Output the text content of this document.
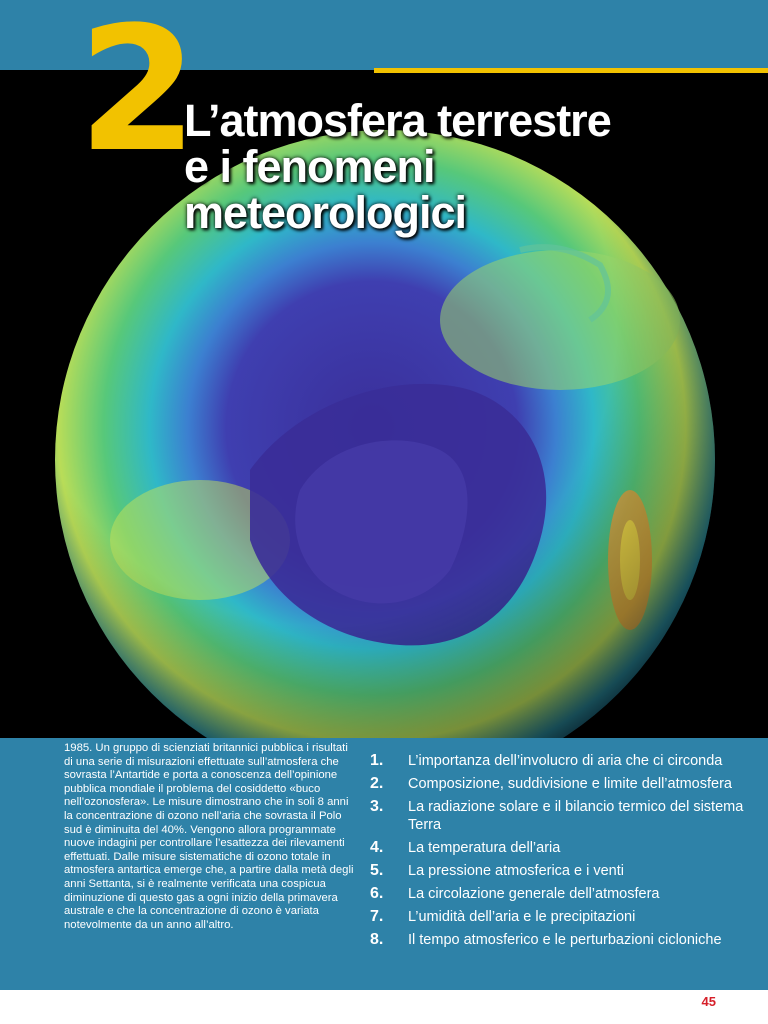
2
L’atmosfera terrestre
e i fenomeni
meteorologici

1985. Un gruppo di scienziati britannici pubblica i risultati di una serie di misurazioni effettuate sull’atmosfera che sovrasta l’Antartide e porta a conoscenza dell’opinione pubblica mondiale il problema del cosiddetto «buco nell’ozonosfera». Le misure dimostrano che in soli 8 anni la concentrazione di ozono nell’aria che sovrasta il Polo sud è diminuita del 40%. Vengono allora programmate nuove indagini per controllare l’esattezza dei rilevamenti effettuati. Dalle misure sistematiche di ozono totale in atmosfera antartica emerge che, a partire dalla metà degli anni Settanta, si è realmente verificata una cospicua diminuzione di questo gas a ogni inizio della primavera australe e che la concentrazione di ozono è variata notevolmente da un anno all’altro.

1.	L’importanza dell’involucro di aria che ci circonda
2.	Composizione, suddivisione e limite dell’atmosfera
3.	La radiazione solare e il bilancio termico del sistema Terra
4.	La temperatura dell’aria
5.	La pressione atmosferica e i venti
6.	La circolazione generale dell’atmosfera
7.	L’umidità dell’aria e le precipitazioni
8.	Il tempo atmosferico e le perturbazioni cicloniche
45
